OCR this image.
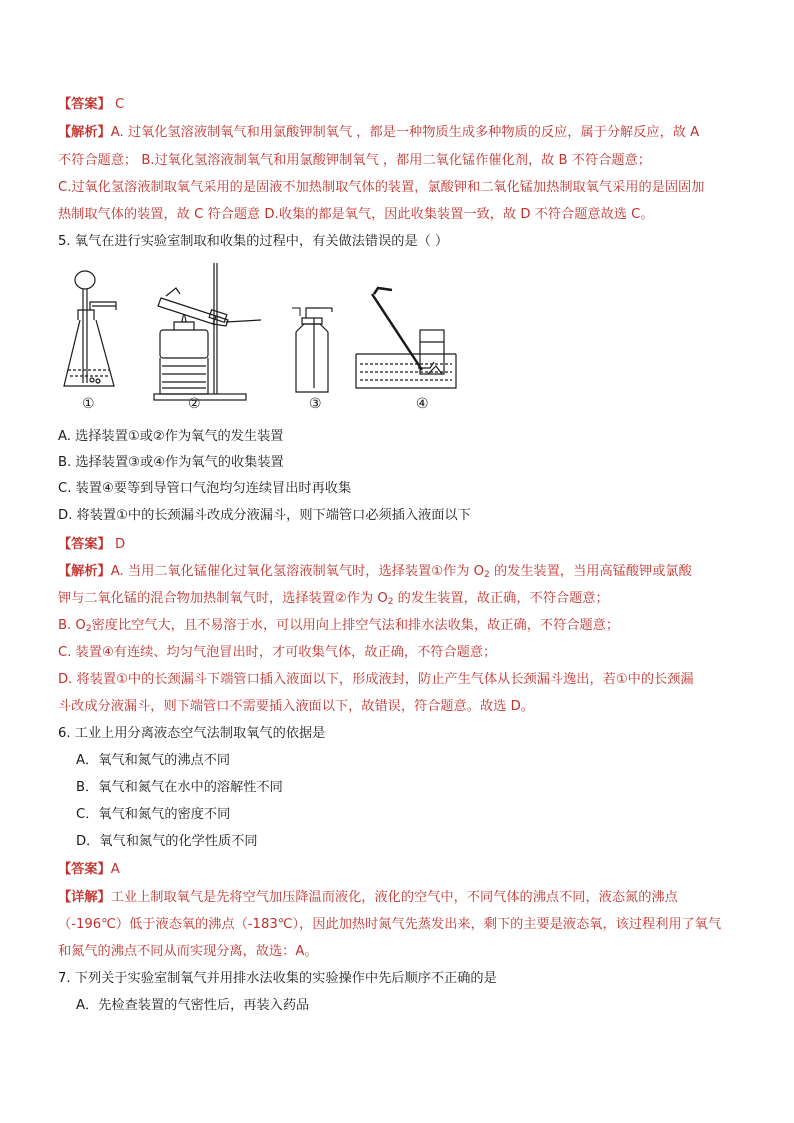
【答案】 C
【解析】A. 过氧化氢溶液制氧气和用氯酸钾制氧气 ，都是一种物质生成多种物质的反应，属于分解反应，故 A
不符合题意； B.过氧化氢溶液制氧气和用氯酸钾制氧气 ，都用二氧化锰作催化剂，故 B 不符合题意；
C.过氧化氢溶液制取氧气采用的是固液不加热制取气体的装置，氯酸钾和二氧化锰加热制取氧气采用的是固固加
热制取气体的装置，故 C 符合题意 D.收集的都是氧气，因此收集装置一致，故 D 不符合题意故选 C。
5. 氧气在进行实验室制取和收集的过程中，有关做法错误的是（ ）
①	②	③	④
A. 选择装置①或②作为氧气的发生装置
B. 选择装置③或④作为氧气的收集装置
C. 装置④要等到导管口气泡均匀连续冒出时再收集
D. 将装置①中的长颈漏斗改成分液漏斗，则下端管口必须插入液面以下
【答案】 D
【解析】A. 当用二氧化锰催化过氧化氢溶液制氧气时，选择装置①作为 $O_2$ 的发生装置，当用高锰酸钾或氯酸
钾与二氧化锰的混合物加热制氧气时，选择装置②作为 $O_2$ 的发生装置，故正确，不符合题意；
B. $O_2$密度比空气大，且不易溶于水，可以用向上排空气法和排水法收集，故正确，不符合题意；
C. 装置④有连续、均匀气泡冒出时，才可收集气体，故正确，不符合题意；
D. 将装置①中的长颈漏斗下端管口插入液面以下，形成液封，防止产生气体从长颈漏斗逸出，若①中的长颈漏
斗改成分液漏斗，则下端管口不需要插入液面以下，故错误，符合题意。故选 D。
6. 工业上用分离液态空气法制取氧气的依据是
A．氧气和氮气的沸点不同
B．氧气和氮气在水中的溶解性不同
C．氧气和氮气的密度不同
D．氧气和氮气的化学性质不同
【答案】A
【详解】工业上制取氧气是先将空气加压降温而液化，液化的空气中，不同气体的沸点不同，液态氮的沸点
（-196℃）低于液态氧的沸点（-183℃），因此加热时氮气先蒸发出来，剩下的主要是液态氧，该过程利用了氧气
和氮气的沸点不同从而实现分离，故选：A。
7. 下列关于实验室制氧气并用排水法收集的实验操作中先后顺序不正确的是
A．先检查装置的气密性后，再装入药品
